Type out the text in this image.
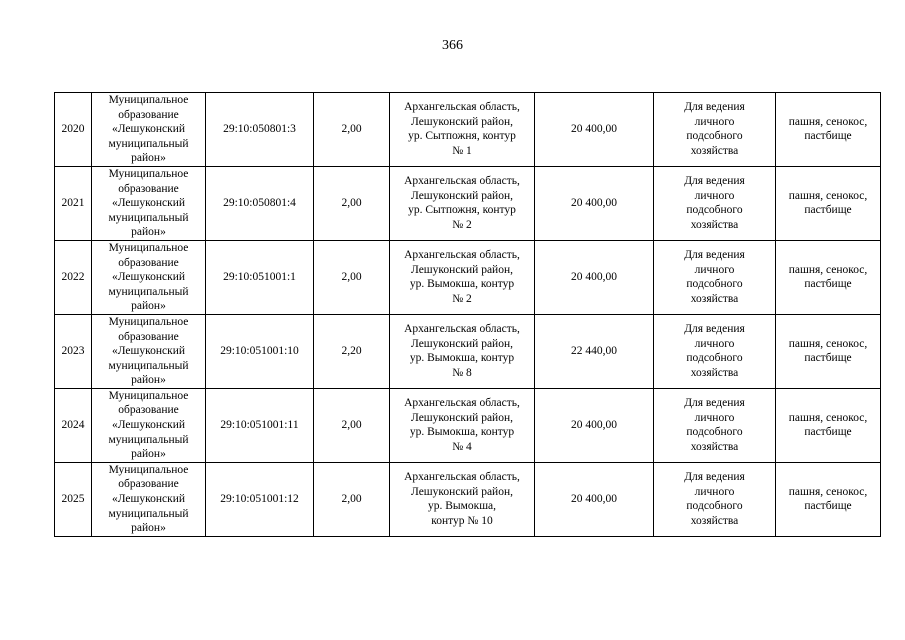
366
2020	Муниципальное
образование
«Лешуконский
муниципальный
район»	29:10:050801:3	2,00	Архангельская область,
Лешуконский район,
ур. Сытпожня, контур
№ 1	20 400,00	Для ведения
личного
подсобного
хозяйства	пашня, сенокос,
пастбище

2021	Муниципальное
образование
«Лешуконский
муниципальный
район»	29:10:050801:4	2,00	Архангельская область,
Лешуконский район,
ур. Сытпожня, контур
№ 2	20 400,00	Для ведения
личного
подсобного
хозяйства	пашня, сенокос,
пастбище

2022	Муниципальное
образование
«Лешуконский
муниципальный
район»	29:10:051001:1	2,00	Архангельская область,
Лешуконский район,
ур. Вымокша, контур
№ 2	20 400,00	Для ведения
личного
подсобного
хозяйства	пашня, сенокос,
пастбище

2023	Муниципальное
образование
«Лешуконский
муниципальный
район»	29:10:051001:10	2,20	Архангельская область,
Лешуконский район,
ур. Вымокша, контур
№ 8	22 440,00	Для ведения
личного
подсобного
хозяйства	пашня, сенокос,
пастбище

2024	Муниципальное
образование
«Лешуконский
муниципальный
район»	29:10:051001:11	2,00	Архангельская область,
Лешуконский район,
ур. Вымокша, контур
№ 4	20 400,00	Для ведения
личного
подсобного
хозяйства	пашня, сенокос,
пастбище

2025	Муниципальное
образование
«Лешуконский
муниципальный
район»	29:10:051001:12	2,00	Архангельская область,
Лешуконский район,
ур. Вымокша,
контур № 10	20 400,00	Для ведения
личного
подсобного
хозяйства	пашня, сенокос,
пастбище
